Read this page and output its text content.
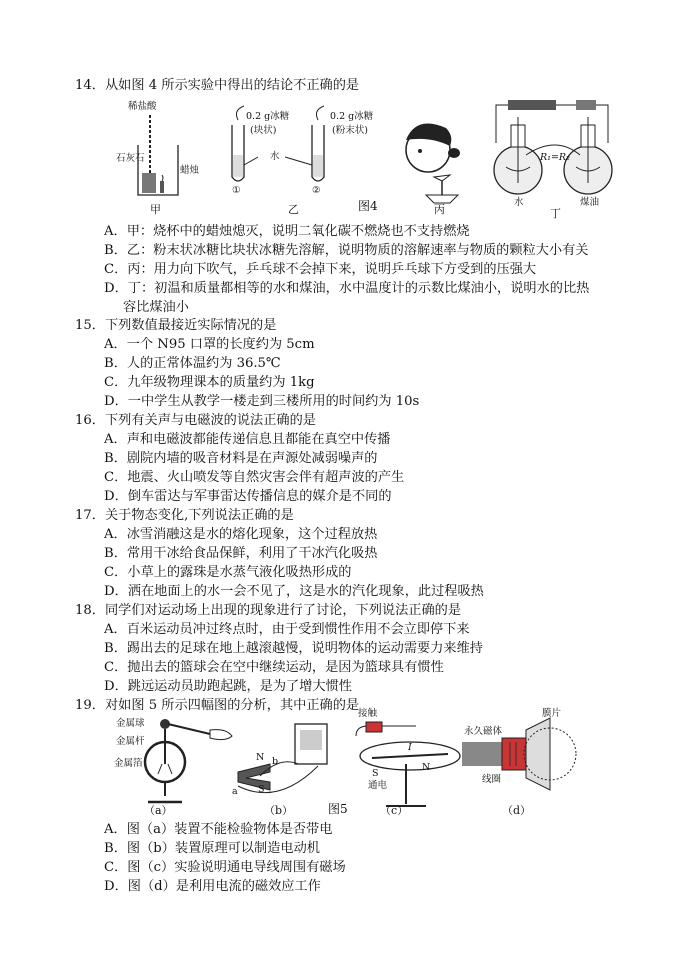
14．从如图 4 所示实验中得出的结论不正确的是
石灰石
稀盐酸
蜡烛
甲
0.2 g冰糖
(块状)
0.2 g冰糖
(粉末状)
水
①	②
乙	图4	丙
R₁=R₂
水	煤油
丁
A．甲：烧杯中的蜡烛熄灭，说明二氧化碳不燃烧也不支持燃烧
B．乙：粉末状冰糖比块状冰糖先溶解，说明物质的溶解速率与物质的颗粒大小有关
C．丙：用力向下吹气，乒乓球不会掉下来，说明乒乓球下方受到的压强大
D．丁：初温和质量都相等的水和煤油，水中温度计的示数比煤油小，说明水的比热
容比煤油小
15．下列数值最接近实际情况的是
A．一个 N95 口罩的长度约为 5cm
B．人的正常体温约为 36.5℃
C．九年级物理课本的质量约为 1kg
D．一中学生从教学一楼走到三楼所用的时间约为 10s
16．下列有关声与电磁波的说法正确的是
A．声和电磁波都能传递信息且都能在真空中传播
B．剧院内墙的吸音材料是在声源处减弱噪声的
C．地震、火山喷发等自然灾害会伴有超声波的产生
D．倒车雷达与军事雷达传播信息的媒介是不同的
17．关于物态变化,下列说法正确的是
A．冰雪消融这是水的熔化现象，这个过程放热
B．常用干冰给食品保鲜，利用了干冰汽化吸热
C．小草上的露珠是水蒸气液化吸热形成的
D．洒在地面上的水一会不见了，这是水的汽化现象，此过程吸热
18．同学们对运动场上出现的现象进行了讨论，下列说法正确的是
A．百米运动员冲过终点时，由于受到惯性作用不会立即停下来
B．踢出去的足球在地上越滚越慢，说明物体的运动需要力来维持
C．抛出去的篮球会在空中继续运动，是因为篮球具有惯性
D．跳远运动员助跑起跳，是为了增大惯性
19．对如图 5 所示四幅图的分析，其中正确的是
金属球
金属杆
金属箔
（a）
N b
a S
（b）	图5
接触
I
S
N
通电
（c）
永久磁体
膜片
线圈
（d）
A．图（a）装置不能检验物体是否带电
B．图（b）装置原理可以制造电动机
C．图（c）实验说明通电导线周围有磁场
D．图（d）是利用电流的磁效应工作
